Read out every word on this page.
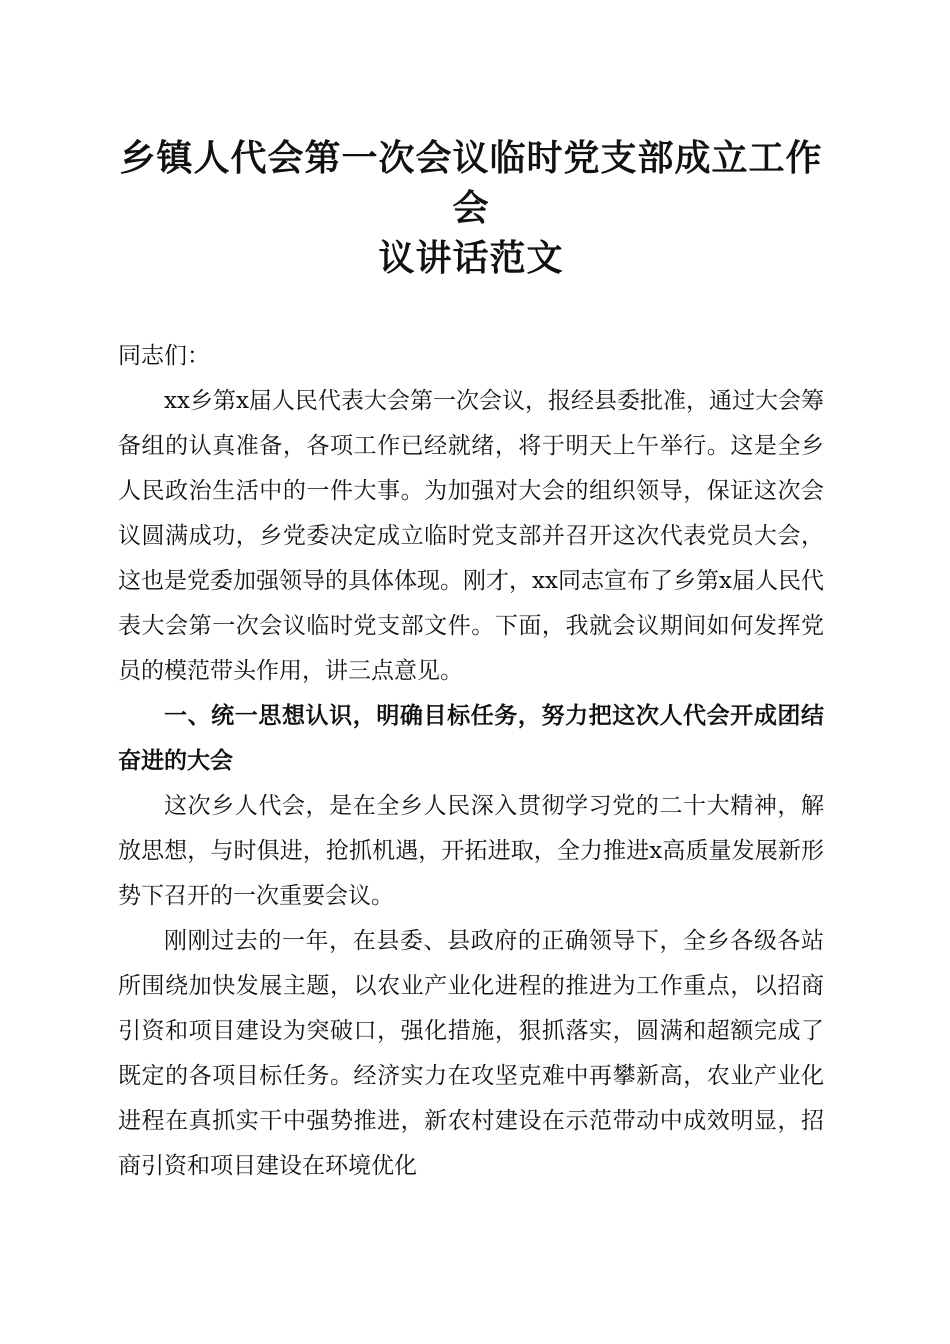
乡镇人代会第一次会议临时党支部成立工作会
议讲话范文

同志们：

xx乡第x届人民代表大会第一次会议，报经县委批准，通过大会筹备组的认真准备，各项工作已经就绪，将于明天上午举行。这是全乡人民政治生活中的一件大事。为加强对大会的组织领导，保证这次会议圆满成功，乡党委决定成立临时党支部并召开这次代表党员大会，这也是党委加强领导的具体体现。刚才，xx同志宣布了乡第x届人民代表大会第一次会议临时党支部文件。下面，我就会议期间如何发挥党员的模范带头作用，讲三点意见。

一、统一思想认识，明确目标任务，努力把这次人代会开成团结奋进的大会

这次乡人代会，是在全乡人民深入贯彻学习党的二十大精神，解放思想，与时俱进，抢抓机遇，开拓进取，全力推进x高质量发展新形势下召开的一次重要会议。

刚刚过去的一年，在县委、县政府的正确领导下，全乡各级各站所围绕加快发展主题，以农业产业化进程的推进为工作重点，以招商引资和项目建设为突破口，强化措施，狠抓落实，圆满和超额完成了既定的各项目标任务。经济实力在攻坚克难中再攀新高，农业产业化进程在真抓实干中强势推进，新农村建设在示范带动中成效明显，招商引资和项目建设在环境优化
